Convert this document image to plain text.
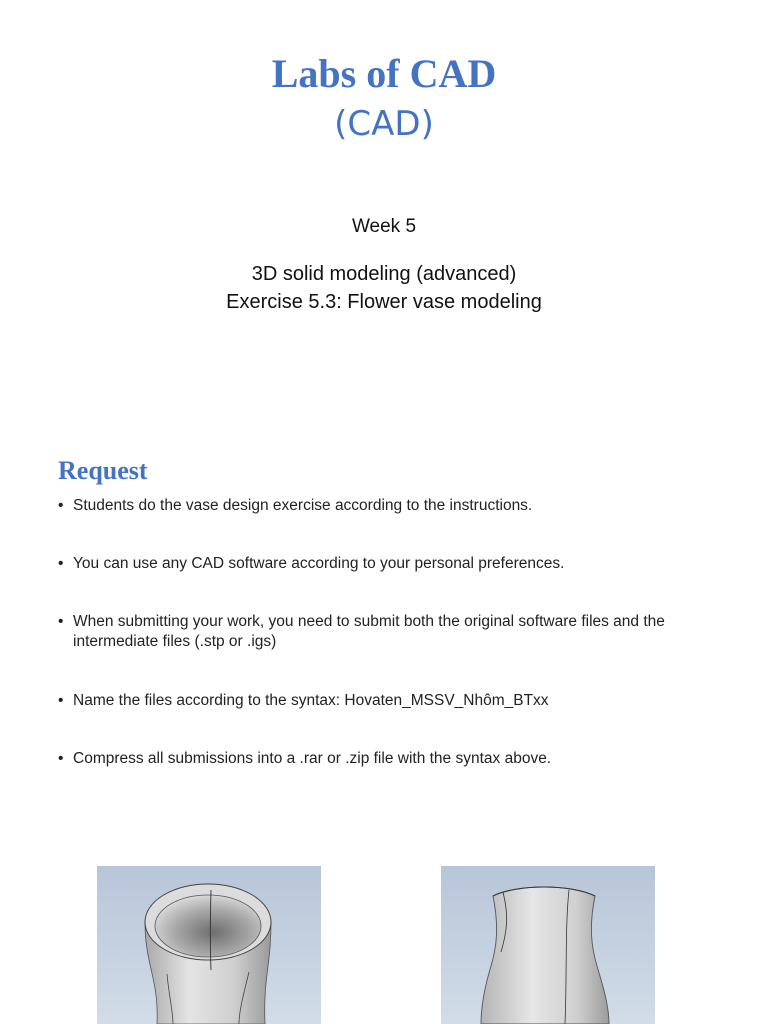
Labs of CAD
(CAD)
Week 5
3D solid modeling (advanced)
Exercise 5.3: Flower vase modeling
Request
• Students do the vase design exercise according to the instructions.
• You can use any CAD software according to your personal preferences.
• When submitting your work, you need to submit both the original software files and the intermediate files (.stp or .igs)
• Name the files according to the syntax: Hovaten_MSSV_Nhôm_BTxx
• Compress all submissions into a .rar or .zip file with the syntax above.
